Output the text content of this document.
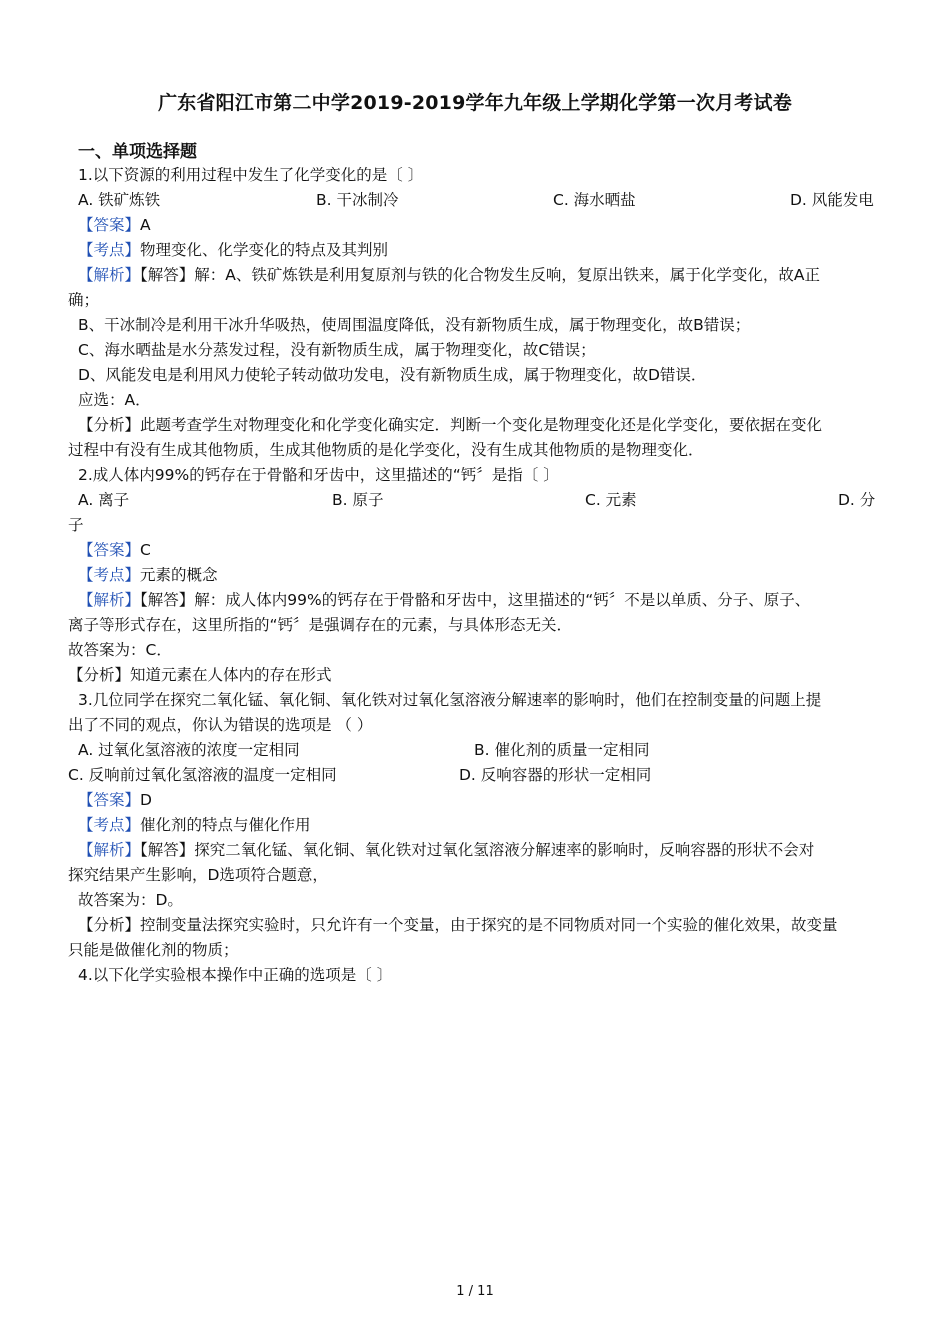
广东省阳江市第二中学2019-2019学年九年级上学期化学第一次月考试卷
一、单项选择题
1.以下资源的利用过程中发生了化学变化的是〔 〕
A. 铁矿炼铁	B. 干冰制冷	C. 海水晒盐	D. 风能发电
【答案】A
【考点】物理变化、化学变化的特点及其判别
【解析】【解答】解：A、铁矿炼铁是利用复原剂与铁的化合物发生反响，复原出铁来，属于化学变化，故A正
确；
B、干冰制冷是利用干冰升华吸热，使周围温度降低，没有新物质生成，属于物理变化，故B错误；
C、海水晒盐是水分蒸发过程，没有新物质生成，属于物理变化，故C错误；
D、风能发电是利用风力使轮子转动做功发电，没有新物质生成，属于物理变化，故D错误．
应选：A．
【分析】此题考查学生对物理变化和化学变化确实定．判断一个变化是物理变化还是化学变化，要依据在变化
过程中有没有生成其他物质，生成其他物质的是化学变化，没有生成其他物质的是物理变化．
2.成人体内99%的钙存在于骨骼和牙齿中，这里描述的“钙〞是指〔 〕
A. 离子	B. 原子	C. 元素	D. 分
子
【答案】C
【考点】元素的概念
【解析】【解答】解：成人体内99%的钙存在于骨骼和牙齿中，这里描述的“钙〞不是以单质、分子、原子、
离子等形式存在，这里所指的“钙〞是强调存在的元素，与具体形态无关．
故答案为：C．
【分析】知道元素在人体内的存在形式
3.几位同学在探究二氧化锰、氧化铜、氧化铁对过氧化氢溶液分解速率的影响时，他们在控制变量的问题上提
出了不同的观点，你认为错误的选项是 （ ）
A. 过氧化氢溶液的浓度一定相同	B. 催化剂的质量一定相同
C. 反响前过氧化氢溶液的温度一定相同	D. 反响容器的形状一定相同
【答案】D
【考点】催化剂的特点与催化作用
【解析】【解答】探究二氧化锰、氧化铜、氧化铁对过氧化氢溶液分解速率的影响时，反响容器的形状不会对
探究结果产生影响，D选项符合题意，
故答案为：D。
【分析】控制变量法探究实验时，只允许有一个变量，由于探究的是不同物质对同一个实验的催化效果，故变量
只能是做催化剂的物质；
4.以下化学实验根本操作中正确的选项是〔 〕
1 / 11
